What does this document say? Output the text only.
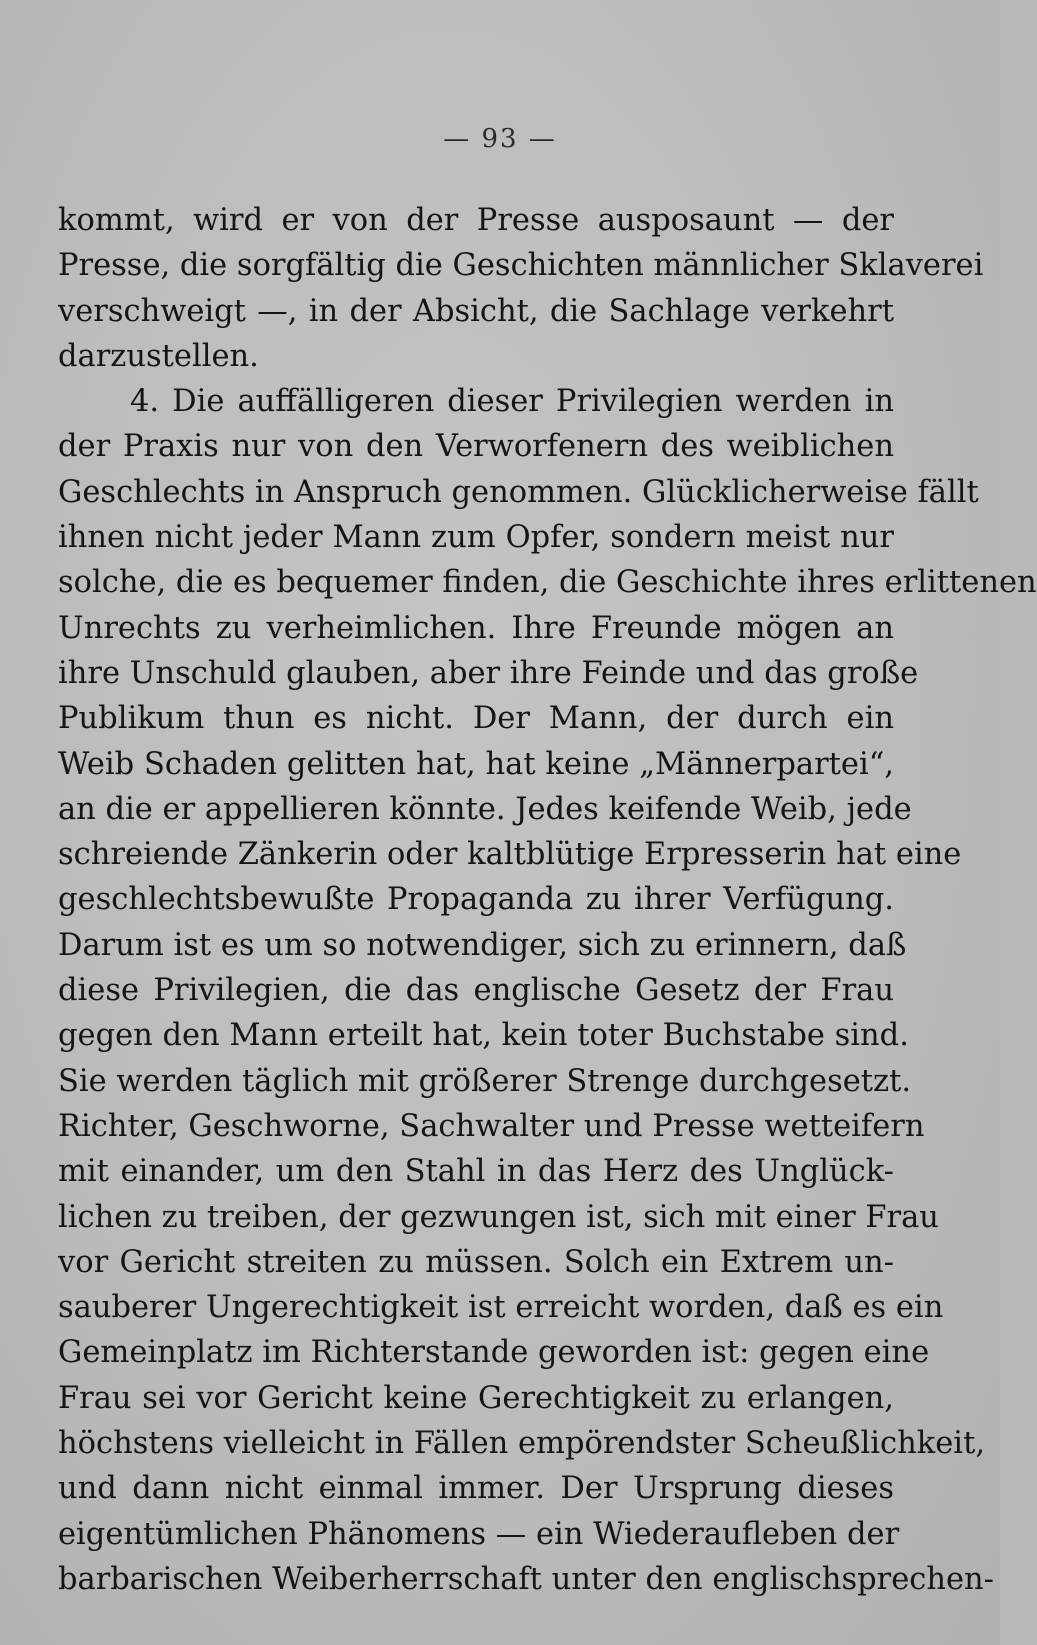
— 93 —
kommt, wird er von der Presse ausposaunt — der
Presse, die sorgfältig die Geschichten männlicher Sklaverei
verschweigt —, in der Absicht, die Sachlage verkehrt
darzustellen.
4. Die auffälligeren dieser Privilegien werden in
der Praxis nur von den Verworfenern des weiblichen
Geschlechts in Anspruch genommen. Glücklicherweise fällt
ihnen nicht jeder Mann zum Opfer, sondern meist nur
solche, die es bequemer finden, die Geschichte ihres erlittenen
Unrechts zu verheimlichen. Ihre Freunde mögen an
ihre Unschuld glauben, aber ihre Feinde und das große
Publikum thun es nicht. Der Mann, der durch ein
Weib Schaden gelitten hat, hat keine „Männerpartei“,
an die er appellieren könnte. Jedes keifende Weib, jede
schreiende Zänkerin oder kaltblütige Erpresserin hat eine
geschlechtsbewußte Propaganda zu ihrer Verfügung.
Darum ist es um so notwendiger, sich zu erinnern, daß
diese Privilegien, die das englische Gesetz der Frau
gegen den Mann erteilt hat, kein toter Buchstabe sind.
Sie werden täglich mit größerer Strenge durchgesetzt.
Richter, Geschworne, Sachwalter und Presse wetteifern
mit einander, um den Stahl in das Herz des Unglück-
lichen zu treiben, der gezwungen ist, sich mit einer Frau
vor Gericht streiten zu müssen. Solch ein Extrem un-
sauberer Ungerechtigkeit ist erreicht worden, daß es ein
Gemeinplatz im Richterstande geworden ist: gegen eine
Frau sei vor Gericht keine Gerechtigkeit zu erlangen,
höchstens vielleicht in Fällen empörendster Scheußlichkeit,
und dann nicht einmal immer. Der Ursprung dieses
eigentümlichen Phänomens — ein Wiederaufleben der
barbarischen Weiberherrschaft unter den englischsprechen-
